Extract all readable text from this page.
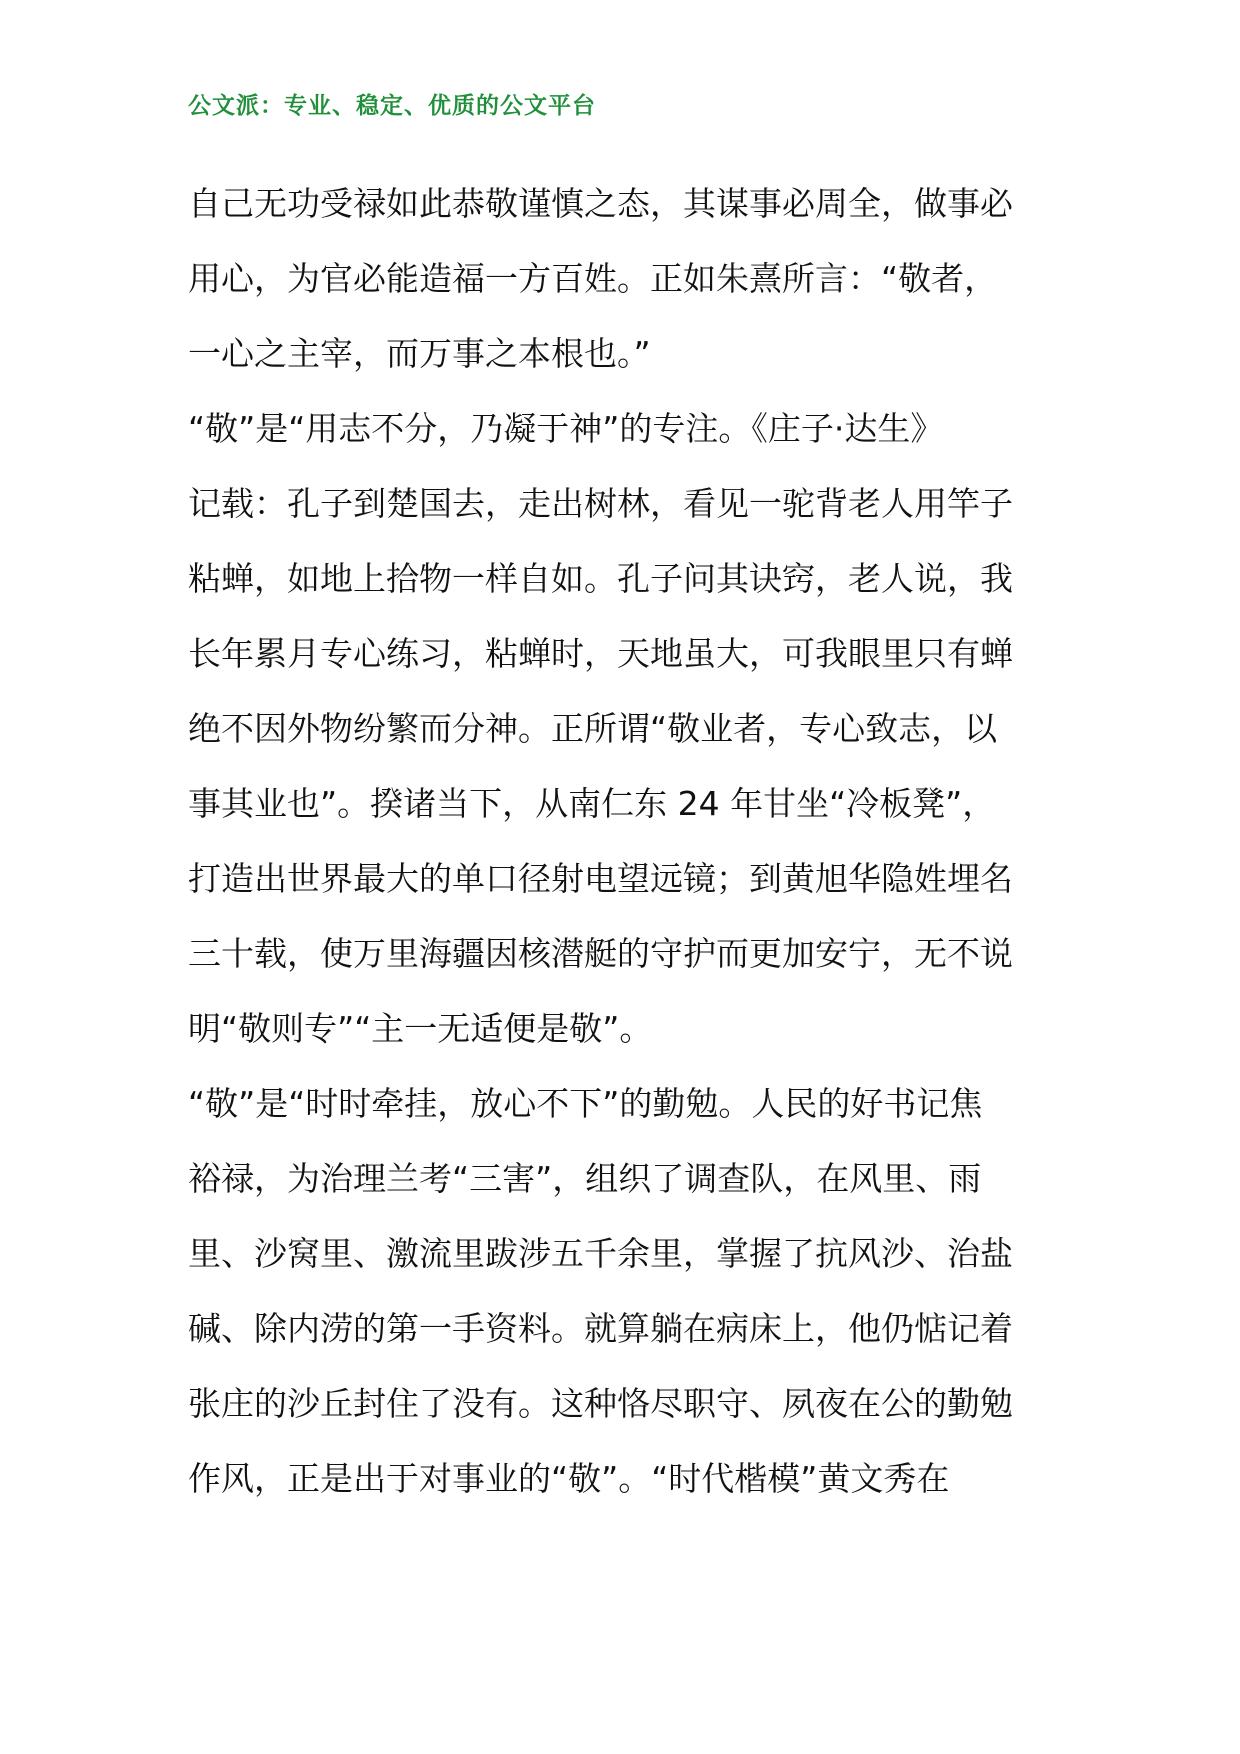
公文派：专业、稳定、优质的公文平台
自己无功受禄如此恭敬谨慎之态，其谋事必周全，做事必
用心，为官必能造福一方百姓。正如朱熹所言：“敬者，
一心之主宰，而万事之本根也。”
“敬”是“用志不分，乃凝于神”的专注。《庄子·达生》
记载：孔子到楚国去，走出树林，看见一驼背老人用竿子
粘蝉，如地上拾物一样自如。孔子问其诀窍，老人说，我
长年累月专心练习，粘蝉时，天地虽大，可我眼里只有蝉
绝不因外物纷繁而分神。正所谓“敬业者，专心致志，以
事其业也”。揆诸当下，从南仁东 24 年甘坐“冷板凳”，
打造出世界最大的单口径射电望远镜；到黄旭华隐姓埋名
三十载，使万里海疆因核潜艇的守护而更加安宁，无不说
明“敬则专”“主一无适便是敬”。
“敬”是“时时牵挂，放心不下”的勤勉。人民的好书记焦
裕禄，为治理兰考“三害”，组织了调查队，在风里、雨
里、沙窝里、激流里跋涉五千余里，掌握了抗风沙、治盐
碱、除内涝的第一手资料。就算躺在病床上，他仍惦记着
张庄的沙丘封住了没有。这种恪尽职守、夙夜在公的勤勉
作风，正是出于对事业的“敬”。“时代楷模”黄文秀在
